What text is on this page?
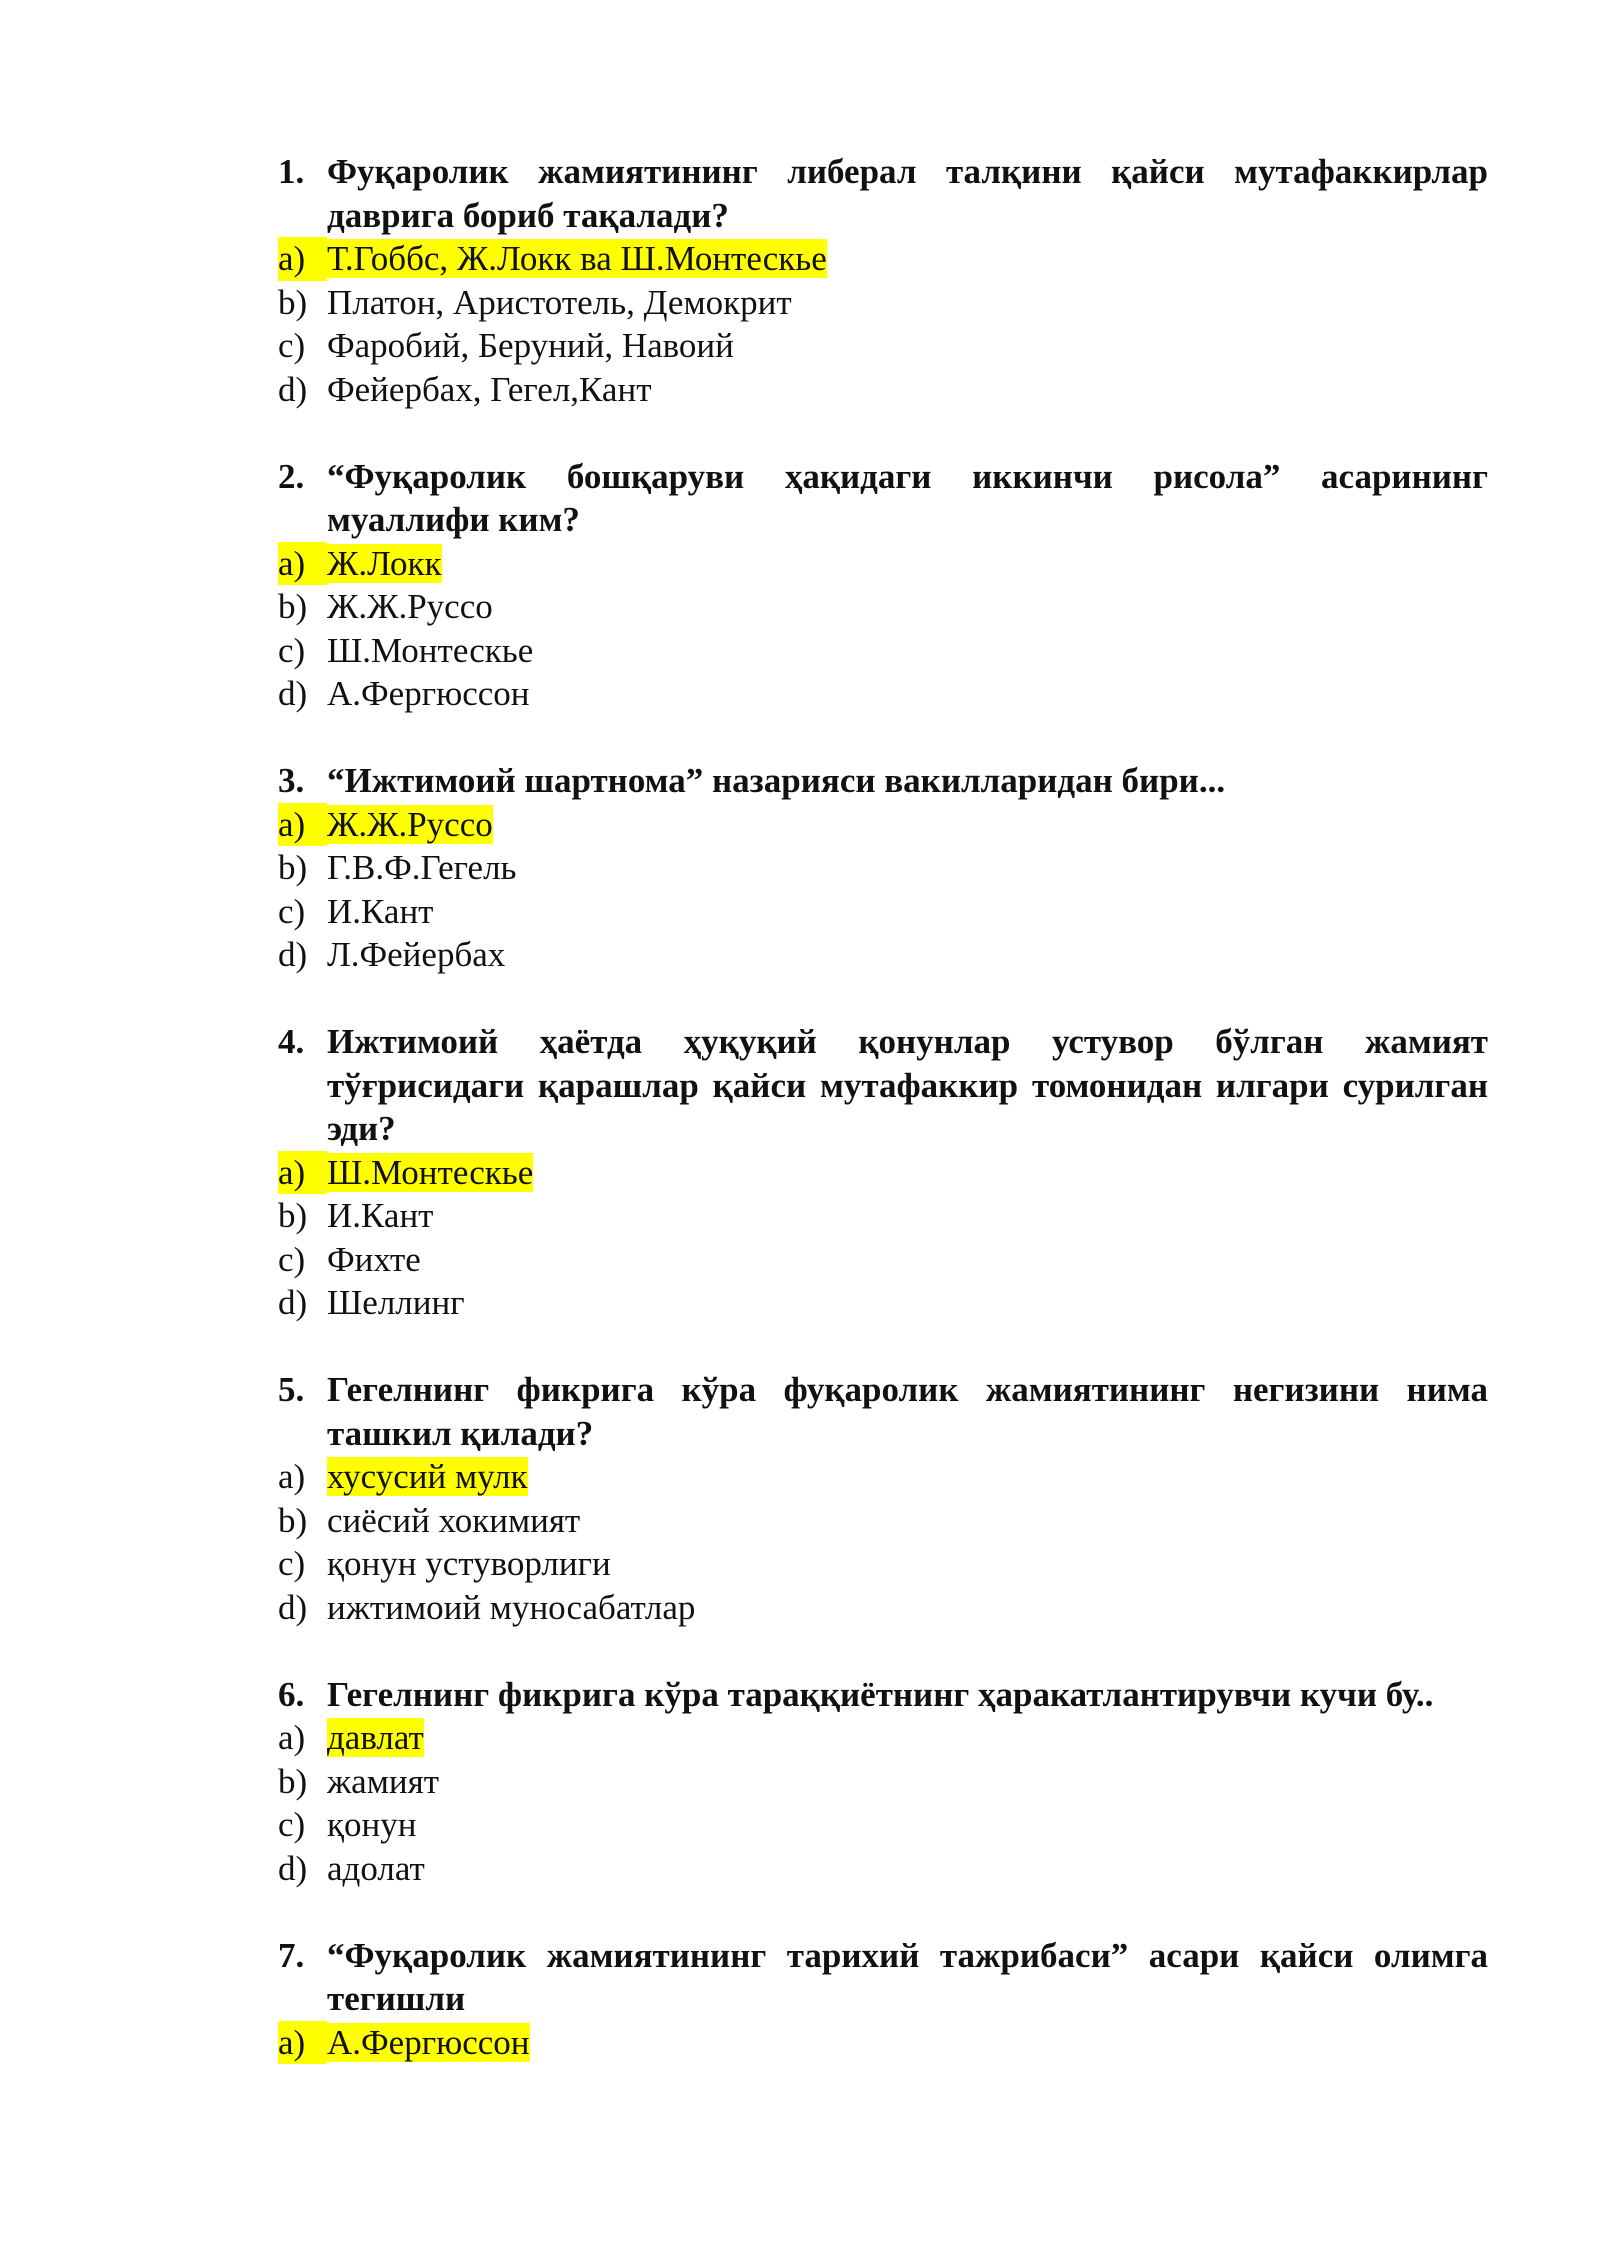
1. Фуқаролик жамиятининг либерал талқини қайси мутафаккирлар даврига бориб тақалади?

a) Т.Гоббс, Ж.Локк ва Ш.Монтескье
b) Платон, Аристотель, Демокрит
c) Фаробий, Беруний, Навоий
d) Фейербах, Гегел,Кант

2. “Фуқаролик бошқаруви ҳақидаги иккинчи рисола” асарининг муаллифи ким?

a) Ж.Локк
b) Ж.Ж.Руссо
c) Ш.Монтескье
d) А.Фергюссон

3. “Ижтимоий шартнома” назарияси вакилларидан бири...

a) Ж.Ж.Руссо
b) Г.В.Ф.Гегель
c) И.Кант
d) Л.Фейербах

4. Ижтимоий ҳаётда ҳуқуқий қонунлар устувор бўлган жамият тўғрисидаги қарашлар қайси мутафаккир томонидан илгари сурилган эди?

a) Ш.Монтескье
b) И.Кант
c) Фихте
d) Шеллинг

5. Гегелнинг фикрига кўра фуқаролик жамиятининг негизини нима ташкил қилади?

a) хусусий мулк
b) сиёсий хокимият
c) қонун устуворлиги
d) ижтимоий муносабатлар

6. Гегелнинг фикрига кўра тараққиётнинг ҳаракатлантирувчи кучи бу..

a) давлат
b) жамият
c) қонун
d) адолат

7. “Фуқаролик жамиятининг тарихий тажрибаси” асари қайси олимга тегишли

a) А.Фергюссон
